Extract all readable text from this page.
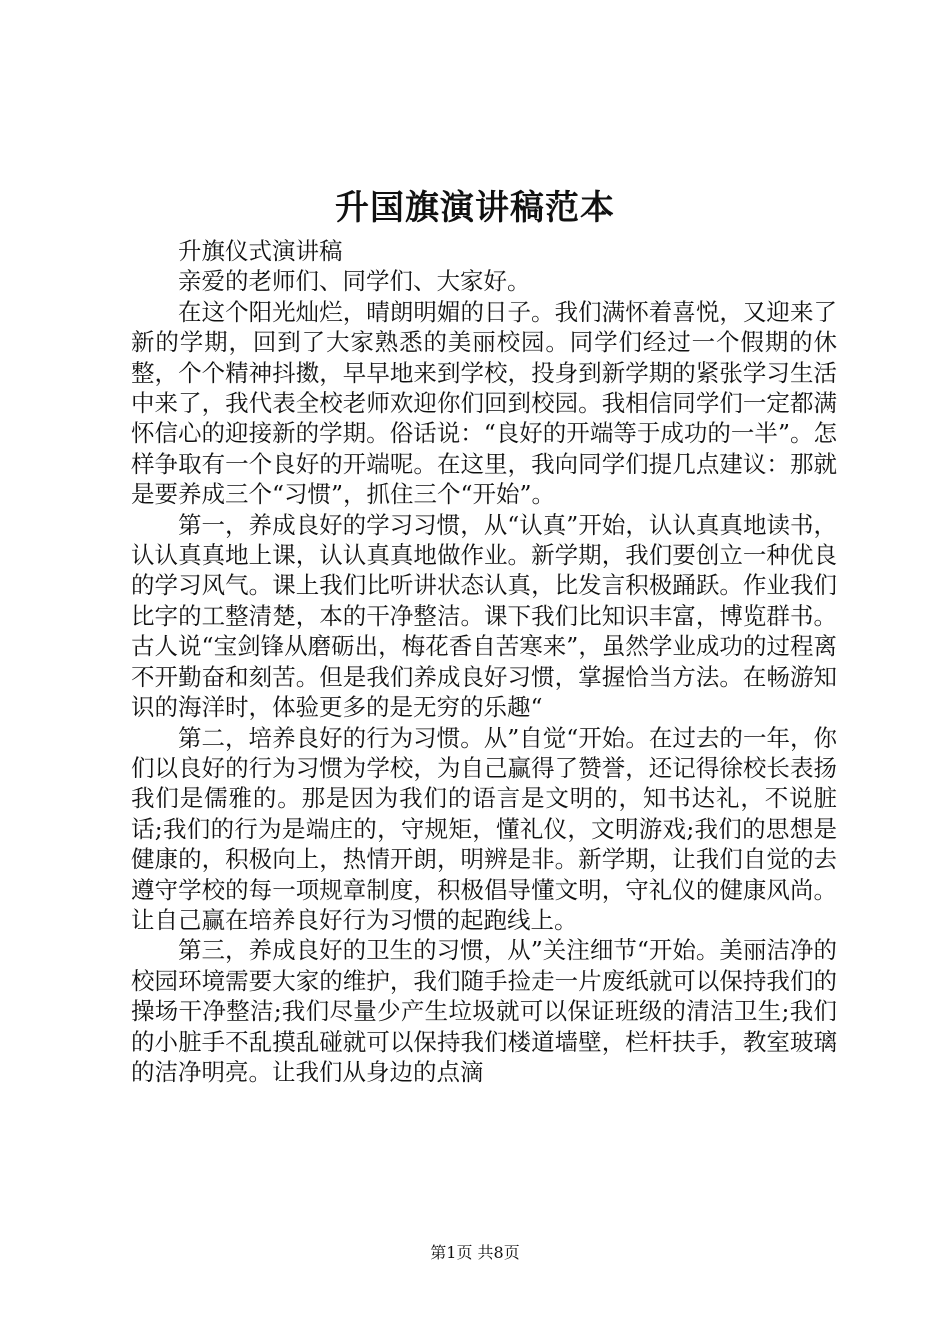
升国旗演讲稿范本

升旗仪式演讲稿

亲爱的老师们、同学们、大家好。

在这个阳光灿烂，晴朗明媚的日子。我们满怀着喜悦，又迎来了新的学期，回到了大家熟悉的美丽校园。同学们经过一个假期的休整，个个精神抖擞，早早地来到学校，投身到新学期的紧张学习生活中来了，我代表全校老师欢迎你们回到校园。我相信同学们一定都满怀信心的迎接新的学期。俗话说：“良好的开端等于成功的一半”。怎样争取有一个良好的开端呢。在这里，我向同学们提几点建议：那就是要养成三个“习惯”，抓住三个“开始”。

第一，养成良好的学习习惯，从“认真”开始，认认真真地读书，认认真真地上课，认认真真地做作业。新学期，我们要创立一种优良的学习风气。课上我们比听讲状态认真，比发言积极踊跃。作业我们比字的工整清楚，本的干净整洁。课下我们比知识丰富，博览群书。古人说“宝剑锋从磨砺出，梅花香自苦寒来”，虽然学业成功的过程离不开勤奋和刻苦。但是我们养成良好习惯，掌握恰当方法。在畅游知识的海洋时，体验更多的是无穷的乐趣“

第二，培养良好的行为习惯。从”自觉“开始。在过去的一年，你们以良好的行为习惯为学校，为自己赢得了赞誉，还记得徐校长表扬我们是儒雅的。那是因为我们的语言是文明的，知书达礼，不说脏话;我们的行为是端庄的，守规矩，懂礼仪，文明游戏;我们的思想是健康的，积极向上，热情开朗，明辨是非。新学期，让我们自觉的去遵守学校的每一项规章制度，积极倡导懂文明，守礼仪的健康风尚。让自己赢在培养良好行为习惯的起跑线上。

第三，养成良好的卫生的习惯，从”关注细节“开始。美丽洁净的校园环境需要大家的维护，我们随手捡走一片废纸就可以保持我们的操场干净整洁;我们尽量少产生垃圾就可以保证班级的清洁卫生;我们的小脏手不乱摸乱碰就可以保持我们楼道墙壁，栏杆扶手，教室玻璃的洁净明亮。让我们从身边的点滴

第1页 共8页
